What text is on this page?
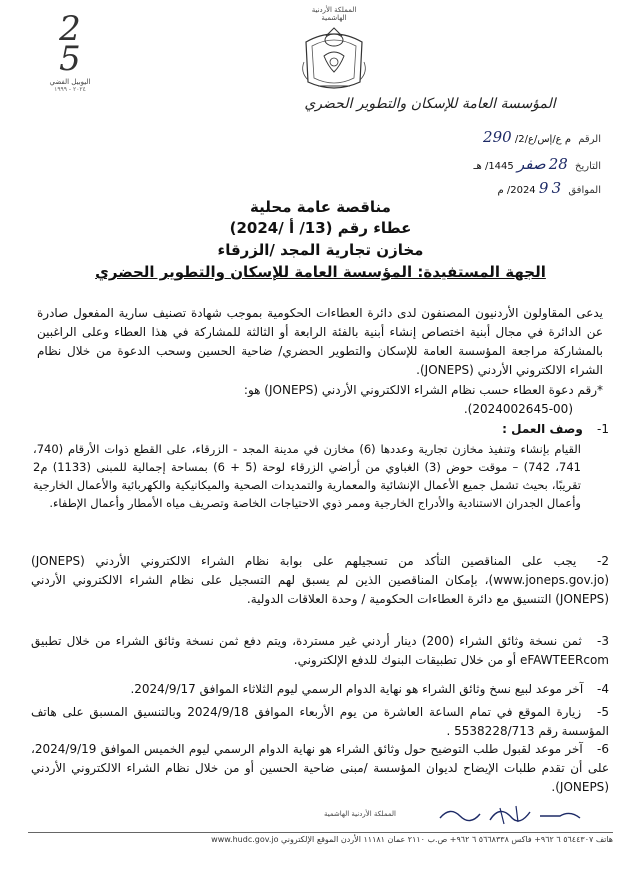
2
5
اليوبيل الفضي
٢٠٢٤ - ١٩٩٩
المملكة الأردنية الهاشمية
المؤسسة العامة للإسكان والتطوير الحضري
الرقم م ع/إس/ع/2/ 290
التاريخ 28 صفر 1445/ هـ
الموافق 3 9 2024/ م
مناقصة عامة محلية
عطاء رقم (13/ أ /2024)
مخازن تجارية المجد /الزرقاء
الجهة المستفيدة: المؤسسة العامة للإسكان والتطوير الحضري
يدعى المقاولون الأردنيون المصنفون لدى دائرة العطاءات الحكومية بموجب شهادة تصنيف سارية المفعول صادرة عن الدائرة في مجال أبنية اختصاص إنشاء أبنية بالفئة الرابعة أو الثالثة للمشاركة في هذا العطاء وعلى الراغبين بالمشاركة مراجعة المؤسسة العامة للإسكان والتطوير الحضري/ ضاحية الحسين وسحب الدعوة من خلال نظام الشراء الالكتروني الأردني (JONEPS).
*رقم دعوة العطاء حسب نظام الشراء الالكتروني الأردني (JONEPS) هو:
(2024002645-00).
1- وصف العمل :
القيام بإنشاء وتنفيذ مخازن تجارية وعددها (6) مخازن في مدينة المجد - الزرقاء، على القطع ذوات الأرقام (740، 741، 742) – موقت حوض (3) الغباوي من أراضي الزرقاء لوحة (5 + 6) بمساحة إجمالية للمبنى (1133) م2 تقريبًا، بحيث تشمل جميع الأعمال الإنشائية والمعمارية والتمديدات الصحية والميكانيكية والكهربائية والأعمال الخارجية وأعمال الجدران الاستنادية والأدراج الخارجية وممر ذوي الاحتياجات الخاصة وتصريف مياه الأمطار وأعمال الإطفاء.
2- يجب على المناقصين التأكد من تسجيلهم على بوابة نظام الشراء الالكتروني الأردني (JONEPS) (www.joneps.gov.jo)، بإمكان المناقصين الذين لم يسبق لهم التسجيل على نظام الشراء الالكتروني الأردني (JONEPS) التنسيق مع دائرة العطاءات الحكومية / وحدة العلاقات الدولية.
3- ثمن نسخة وثائق الشراء (200) دينار أردني غير مستردة، ويتم دفع ثمن نسخة وثائق الشراء من خلال تطبيق eFAWTEERcom أو من خلال تطبيقات البنوك للدفع الإلكتروني.
4- آخر موعد لبيع نسخ وثائق الشراء هو نهاية الدوام الرسمي ليوم الثلاثاء الموافق 2024/9/17.
5- زيارة الموقع في تمام الساعة العاشرة من يوم الأربعاء الموافق 2024/9/18 وبالتنسيق المسبق على هاتف المؤسسة رقم 5538228/713 .
6- آخر موعد لقبول طلب التوضيح حول وثائق الشراء هو نهاية الدوام الرسمي ليوم الخميس الموافق 2024/9/19، على أن تقدم طلبات الإيضاح لديوان المؤسسة /مبنى ضاحية الحسين أو من خلال نظام الشراء الالكتروني الأردني (JONEPS).
المملكة الأردنية الهاشمية
هاتف ٥٦٤٤٣٠٧ ٦ ٩٦٢+ فاكس ٥٦٦٨٣٣٨ ٦ ٩٦٢+ ص.ب ٢١١٠ عمان ١١١٨١ الأردن الموقع الإلكتروني www.hudc.gov.jo
